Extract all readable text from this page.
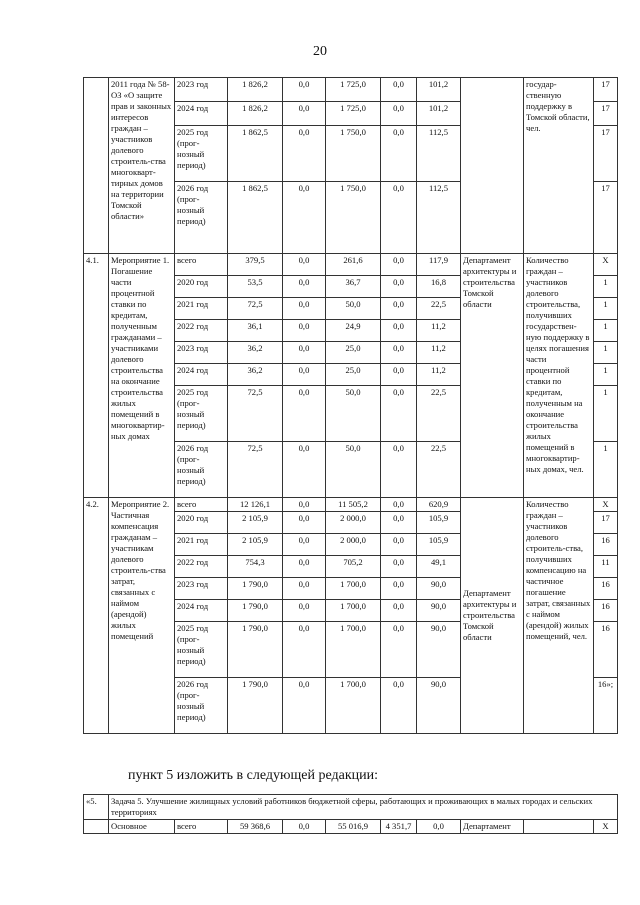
20
	2011 года № 58-ОЗ «О защите прав и законных интересов граждан – участников долевого строитель-ства многокварт-тирных домов на территории Томской области»	2023 год	1 826,2	0,0	1 725,0	0,0	101,2		государ-ственную поддержку в Томской области, чел.	17
		2024 год	1 826,2	0,0	1 725,0	0,0	101,2			17
		2025 год (прог-нозный период)	1 862,5	0,0	1 750,0	0,0	112,5			17
		2026 год (прог-нозный период)	1 862,5	0,0	1 750,0	0,0	112,5			17
4.1.	Мероприятие 1. Погашение части процентной ставки по кредитам, полученным гражданами – участниками долевого строительства на окончание строительства жилых помещений в многоквартир-ных домах	всего	379,5	0,0	261,6	0,0	117,9	Департамент архитектуры и строительства Томской области	Количество граждан – участников долевого строительства, получивших государствен-ную поддержку в целях погашения части процентной ставки по кредитам, полученным на окончание строительства жилых помещений в многоквартир-ных домах, чел.	X
		2020 год	53,5	0,0	36,7	0,0	16,8			1
		2021 год	72,5	0,0	50,0	0,0	22,5			1
		2022 год	36,1	0,0	24,9	0,0	11,2			1
		2023 год	36,2	0,0	25,0	0,0	11,2			1
		2024 год	36,2	0,0	25,0	0,0	11,2			1
		2025 год (прог-нозный период)	72,5	0,0	50,0	0,0	22,5			1
		2026 год (прог-нозный период)	72,5	0,0	50,0	0,0	22,5			1
4.2.	Мероприятие 2. Частичная компенсация гражданам – участникам долевого строитель-ства затрат, связанных с наймом (арендой) жилых помещений	всего	12 126,1	0,0	11 505,2	0,0	620,9	Департамент архитектуры и строительства Томской области	Количество граждан – участников долевого строитель-ства, получивших компенсацию на частичное погашение затрат, связанных с наймом (арендой) жилых помещений, чел.	X
		2020 год	2 105,9	0,0	2 000,0	0,0	105,9			17
		2021 год	2 105,9	0,0	2 000,0	0,0	105,9			16
		2022 год	754,3	0,0	705,2	0,0	49,1			11
		2023 год	1 790,0	0,0	1 700,0	0,0	90,0			16
		2024 год	1 790,0	0,0	1 700,0	0,0	90,0			16
		2025 год (прог-нозный период)	1 790,0	0,0	1 700,0	0,0	90,0			16
		2026 год (прог-нозный период)	1 790,0	0,0	1 700,0	0,0	90,0			16»;
пункт 5 изложить в следующей редакции:
«5.	Задача 5. Улучшение жилищных условий работников бюджетной сферы, работающих и проживающих в малых городах и сельских территориях									
	Основное	всего	59 368,6	0,0	55 016,9	4 351,7	0,0	Департамент		X
